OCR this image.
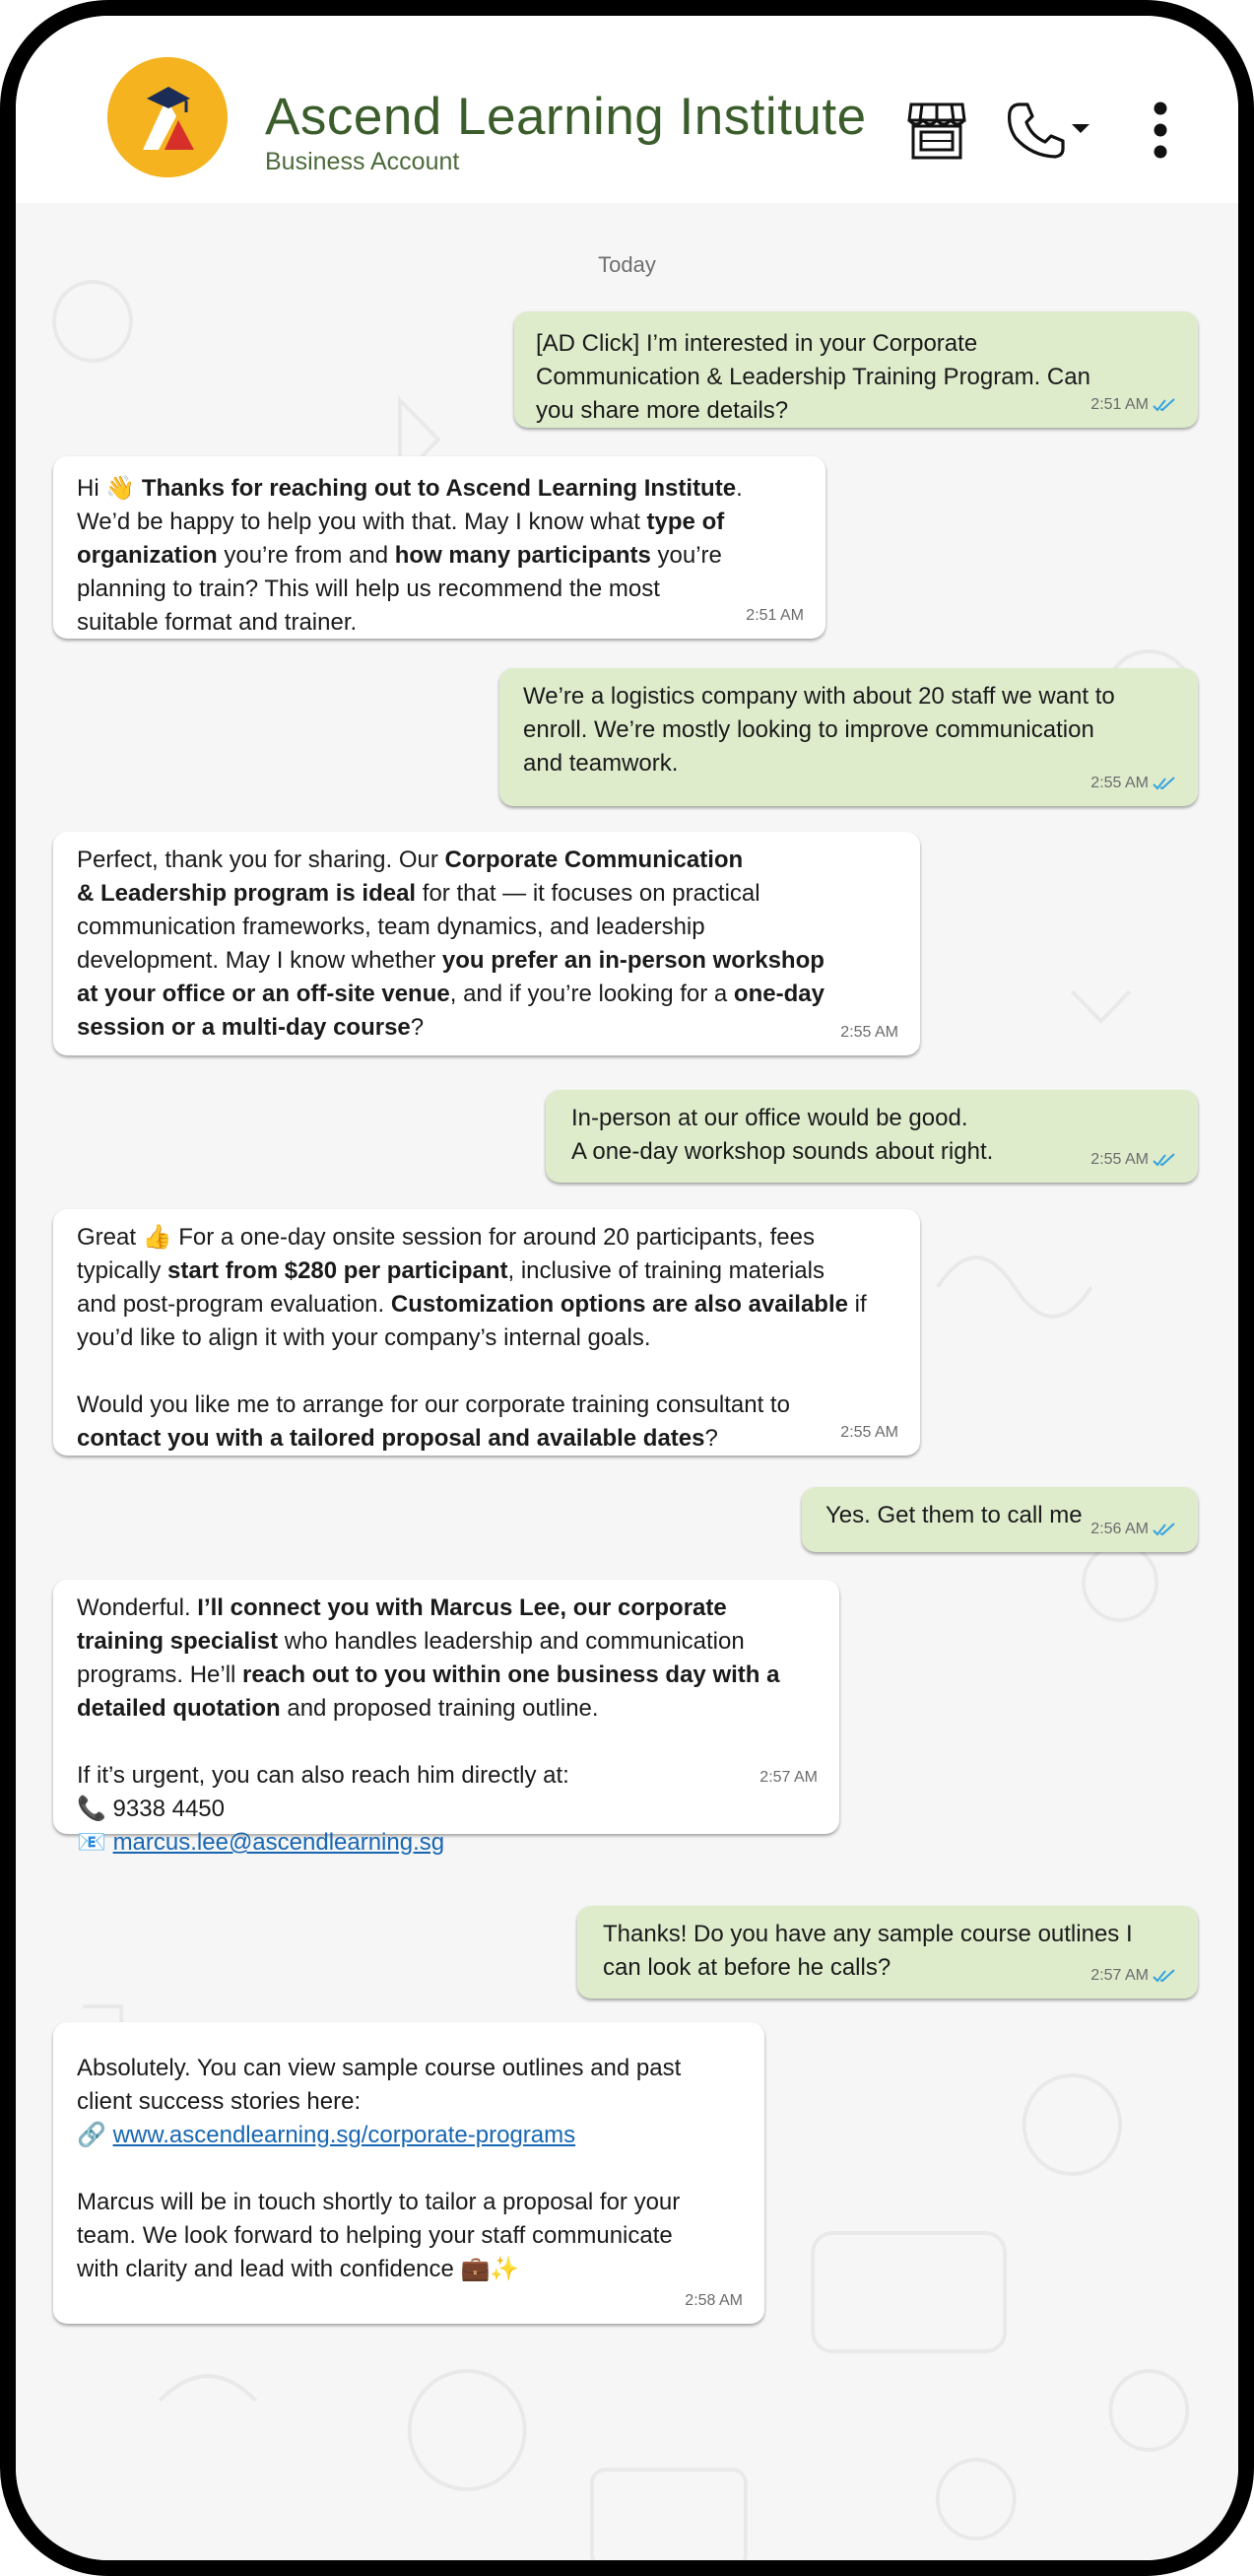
Ascend Learning Institute
Business Account
Today
[AD Click] I’m interested in your Corporate
Communication & Leadership Training Program. Can
you share more details?	2:51 AM
Hi 👋 Thanks for reaching out to Ascend Learning Institute.
We’d be happy to help you with that. May I know what type of
organization you’re from and how many participants you’re
planning to train? This will help us recommend the most
suitable format and trainer.	2:51 AM
We’re a logistics company with about 20 staff we want to
enroll. We’re mostly looking to improve communication
and teamwork.
2:55 AM
Perfect, thank you for sharing. Our Corporate Communication
& Leadership program is ideal for that — it focuses on practical
communication frameworks, team dynamics, and leadership
development. May I know whether you prefer an in-person workshop
at your office or an off-site venue, and if you’re looking for a one-day
session or a multi-day course?	2:55 AM
In-person at our office would be good.
A one-day workshop sounds about right.	2:55 AM
Great 👍 For a one-day onsite session for around 20 participants, fees
typically start from $280 per participant, inclusive of training materials
and post-program evaluation. Customization options are also available if
you’d like to align it with your company’s internal goals.
Would you like me to arrange for our corporate training consultant to
contact you with a tailored proposal and available dates?	2:55 AM
Yes. Get them to call me
2:56 AM
Wonderful. I’ll connect you with Marcus Lee, our corporate
training specialist who handles leadership and communication
programs. He’ll reach out to you within one business day with a
detailed quotation and proposed training outline.
If it’s urgent, you can also reach him directly at:
📞 9338 4450
📧 marcus.lee@ascendlearning.sg
2:57 AM
Thanks! Do you have any sample course outlines I
can look at before he calls?	2:57 AM
Absolutely. You can view sample course outlines and past
client success stories here:
🔗 www.ascendlearning.sg/corporate-programs
Marcus will be in touch shortly to tailor a proposal for your
team. We look forward to helping your staff communicate
with clarity and lead with confidence 💼✨
2:58 AM
